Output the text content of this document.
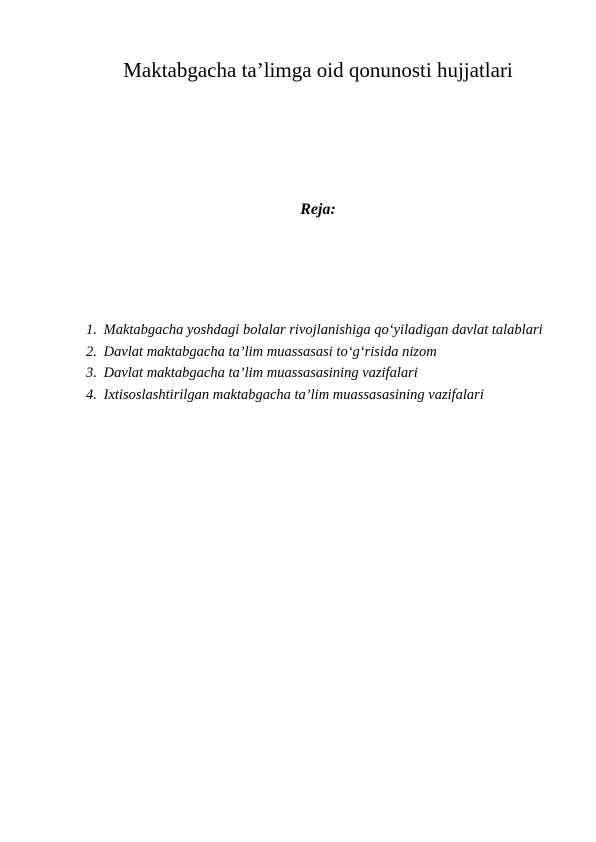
Maktabgacha ta’limga oid qonunosti hujjatlari
Reja:
1. Maktabgacha yoshdagi bolalar rivojlanishiga qo‘yiladigan davlat talablari
2. Davlat maktabgacha ta’lim muassasasi to‘g‘risida nizom
3. Davlat maktabgacha ta’lim muassasasining vazifalari
4. Ixtisoslashtirilgan maktabgacha ta’lim muassasasining vazifalari
